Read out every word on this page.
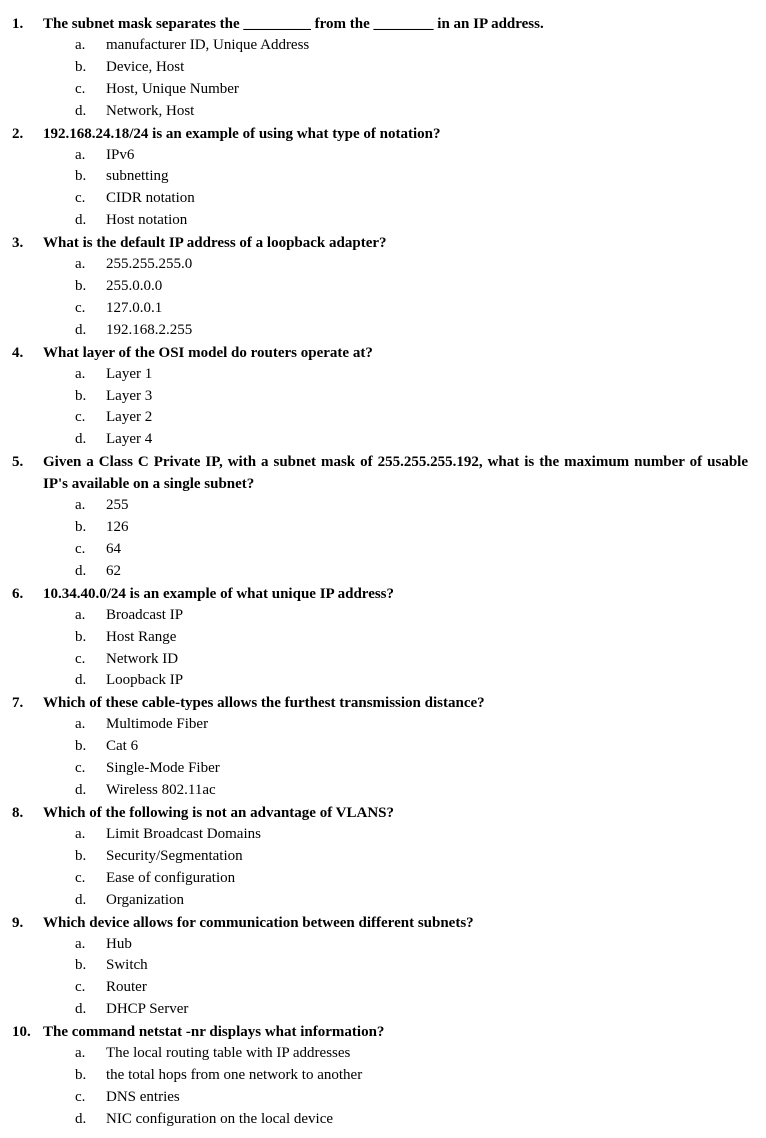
1.	The subnet mask separates the _________ from the ________ in an IP address.
a.	manufacturer ID, Unique Address
b.	Device, Host
c.	Host, Unique Number
d.	Network, Host
2.	192.168.24.18/24 is an example of using what type of notation?
a.	IPv6
b.	subnetting
c.	CIDR notation
d.	Host notation
3.	What is the default IP address of a loopback adapter?
a.	255.255.255.0
b.	255.0.0.0
c.	127.0.0.1
d.	192.168.2.255
4.	What layer of the OSI model do routers operate at?
a.	Layer 1
b.	Layer 3
c.	Layer 2
d.	Layer 4
5.	Given a Class C Private IP, with a subnet mask of 255.255.255.192, what is the maximum number of usable IP's available on a single subnet?
a.	255
b.	126
c.	64
d.	62
6.	10.34.40.0/24 is an example of what unique IP address?
a.	Broadcast IP
b.	Host Range
c.	Network ID
d.	Loopback IP
7.	Which of these cable-types allows the furthest transmission distance?
a.	Multimode Fiber
b.	Cat 6
c.	Single-Mode Fiber
d.	Wireless 802.11ac
8.	Which of the following is not an advantage of VLANS?
a.	Limit Broadcast Domains
b.	Security/Segmentation
c.	Ease of configuration
d.	Organization
9.	Which device allows for communication between different subnets?
a.	Hub
b.	Switch
c.	Router
d.	DHCP Server
10. The command netstat -nr displays what information?
a.	The local routing table with IP addresses
b.	the total hops from one network to another
c.	DNS entries
d.	NIC configuration on the local device
